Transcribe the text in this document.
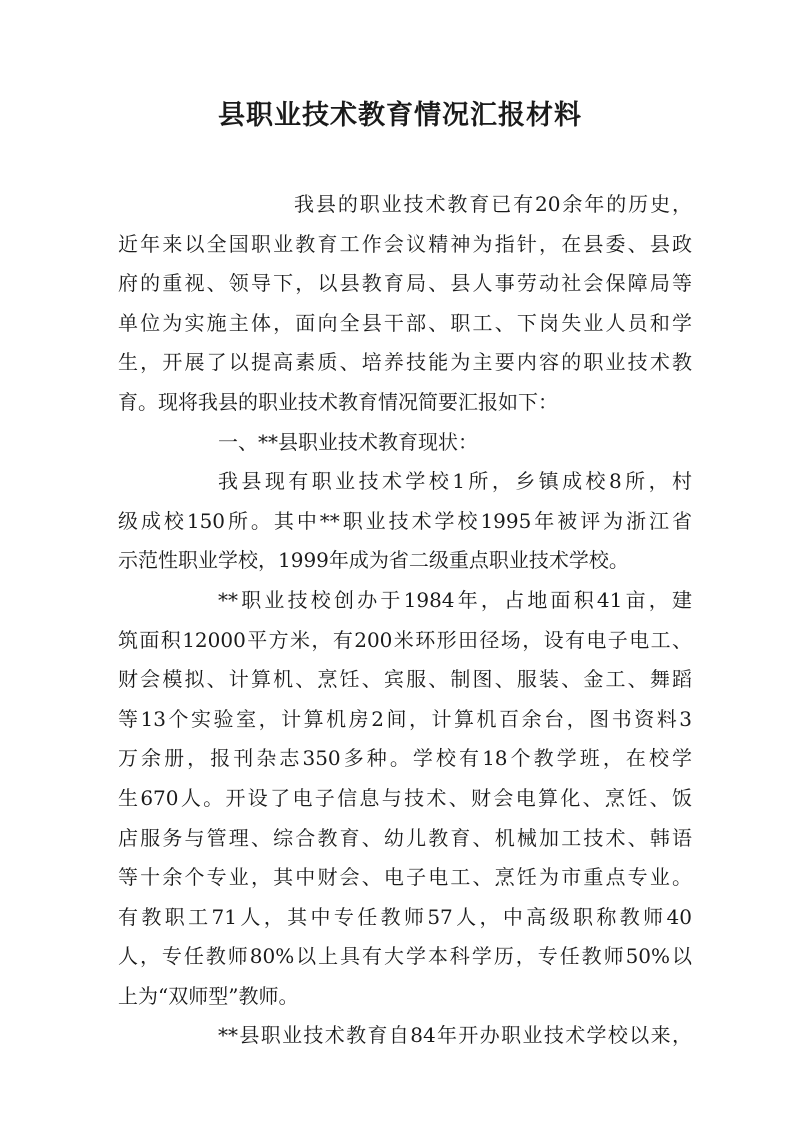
县职业技术教育情况汇报材料
我县的职业技术教育已有20余年的历史，
近年来以全国职业教育工作会议精神为指针，在县委、县政
府的重视、领导下，以县教育局、县人事劳动社会保障局等
单位为实施主体，面向全县干部、职工、下岗失业人员和学
生，开展了以提高素质、培养技能为主要内容的职业技术教
育。现将我县的职业技术教育情况简要汇报如下：
一、**县职业技术教育现状：
我县现有职业技术学校1所，乡镇成校8所，村
级成校150所。其中**职业技术学校1995年被评为浙江省
示范性职业学校，1999年成为省二级重点职业技术学校。
**职业技校创办于1984年，占地面积41亩，建
筑面积12000平方米，有200米环形田径场，设有电子电工、
财会模拟、计算机、烹饪、宾服、制图、服装、金工、舞蹈
等13个实验室，计算机房2间，计算机百余台，图书资料3
万余册，报刊杂志350多种。学校有18个教学班，在校学
生670人。开设了电子信息与技术、财会电算化、烹饪、饭
店服务与管理、综合教育、幼儿教育、机械加工技术、韩语
等十余个专业，其中财会、电子电工、烹饪为市重点专业。
有教职工71人，其中专任教师57人，中高级职称教师40
人，专任教师80%以上具有大学本科学历，专任教师50%以
上为“双师型”教师。
**县职业技术教育自84年开办职业技术学校以来，
